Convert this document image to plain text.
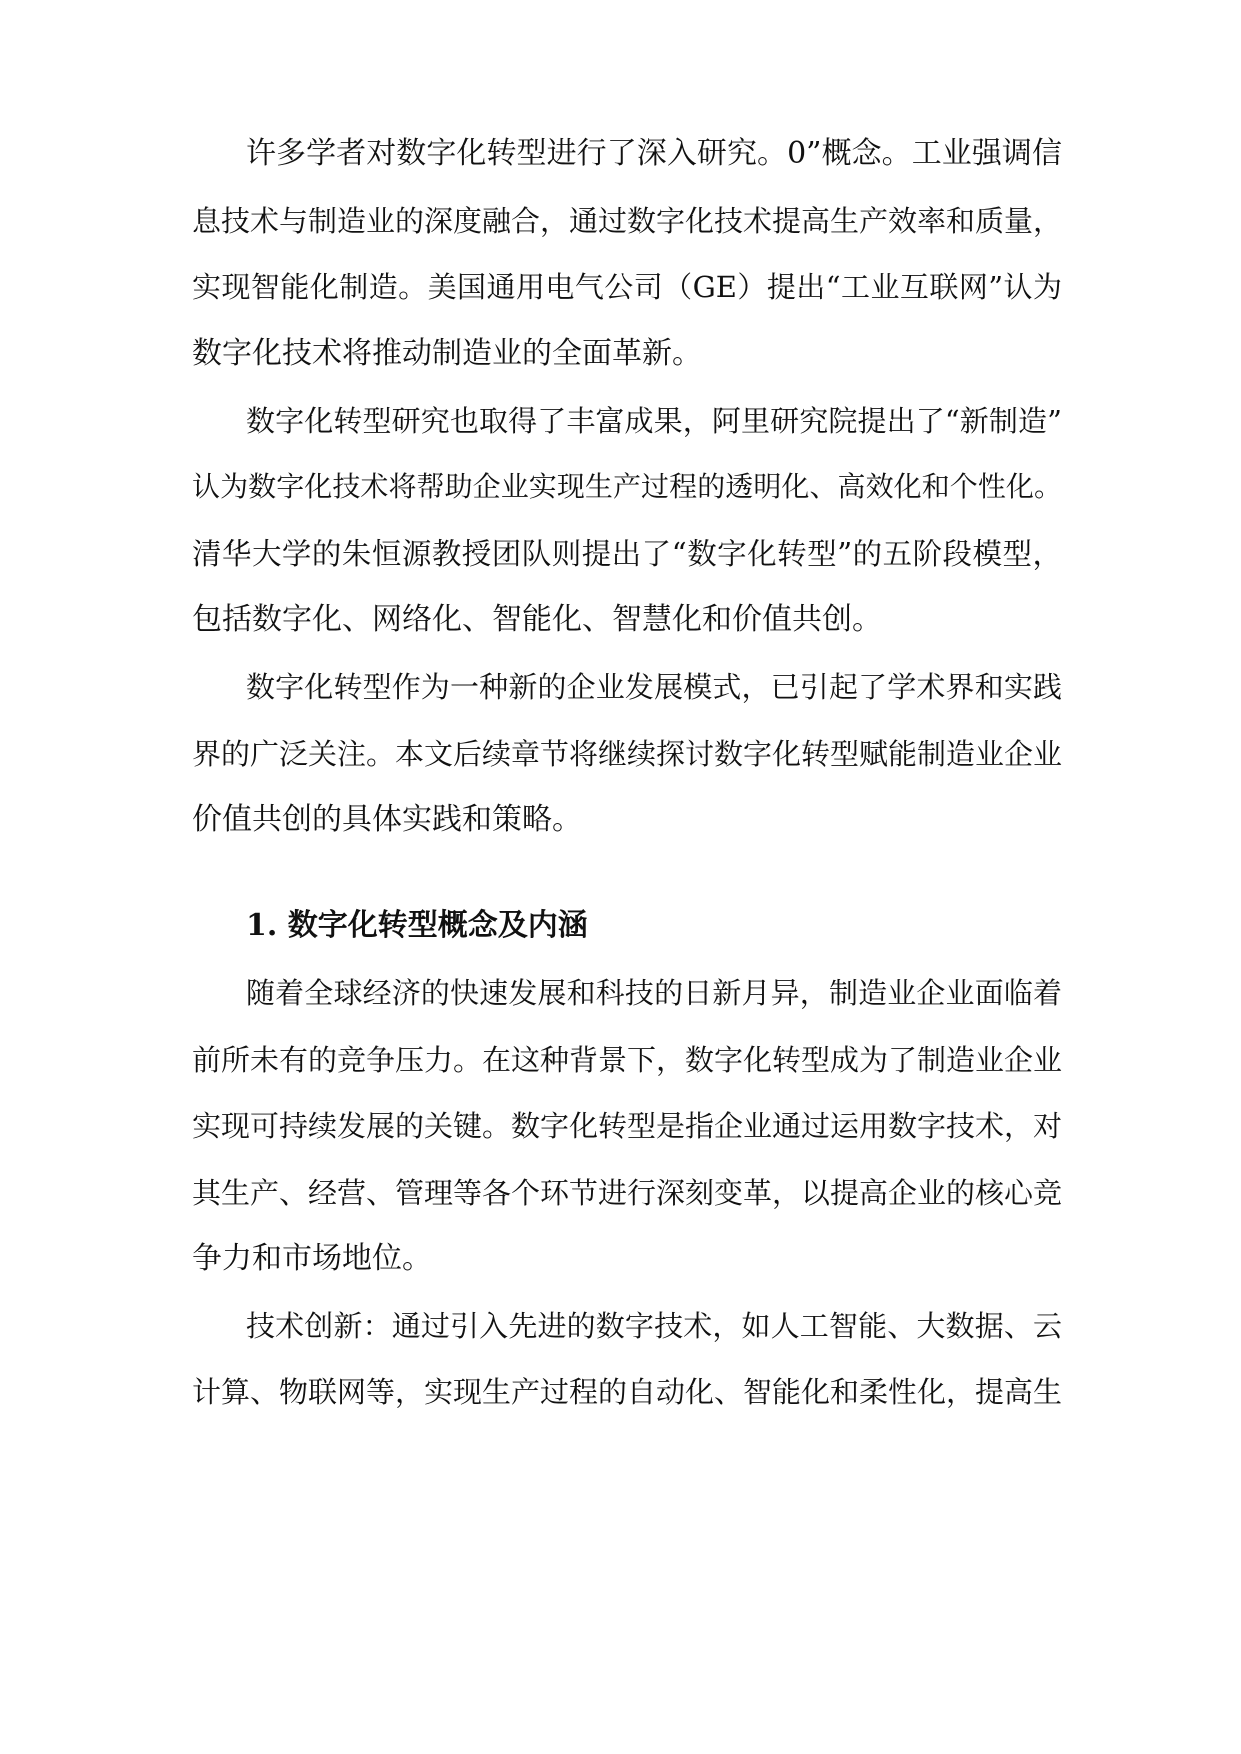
许多学者对数字化转型进行了深入研究。0”概念。工业强调信
息技术与制造业的深度融合，通过数字化技术提高生产效率和质量，
实现智能化制造。美国通用电气公司（GE）提出“工业互联网”认为
数字化技术将推动制造业的全面革新。
数字化转型研究也取得了丰富成果，阿里研究院提出了“新制造”
认为数字化技术将帮助企业实现生产过程的透明化、高效化和个性化。
清华大学的朱恒源教授团队则提出了“数字化转型”的五阶段模型，
包括数字化、网络化、智能化、智慧化和价值共创。
数字化转型作为一种新的企业发展模式，已引起了学术界和实践
界的广泛关注。本文后续章节将继续探讨数字化转型赋能制造业企业
价值共创的具体实践和策略。
1. 数字化转型概念及内涵
随着全球经济的快速发展和科技的日新月异，制造业企业面临着
前所未有的竞争压力。在这种背景下，数字化转型成为了制造业企业
实现可持续发展的关键。数字化转型是指企业通过运用数字技术，对
其生产、经营、管理等各个环节进行深刻变革，以提高企业的核心竞
争力和市场地位。
技术创新：通过引入先进的数字技术，如人工智能、大数据、云
计算、物联网等，实现生产过程的自动化、智能化和柔性化，提高生
